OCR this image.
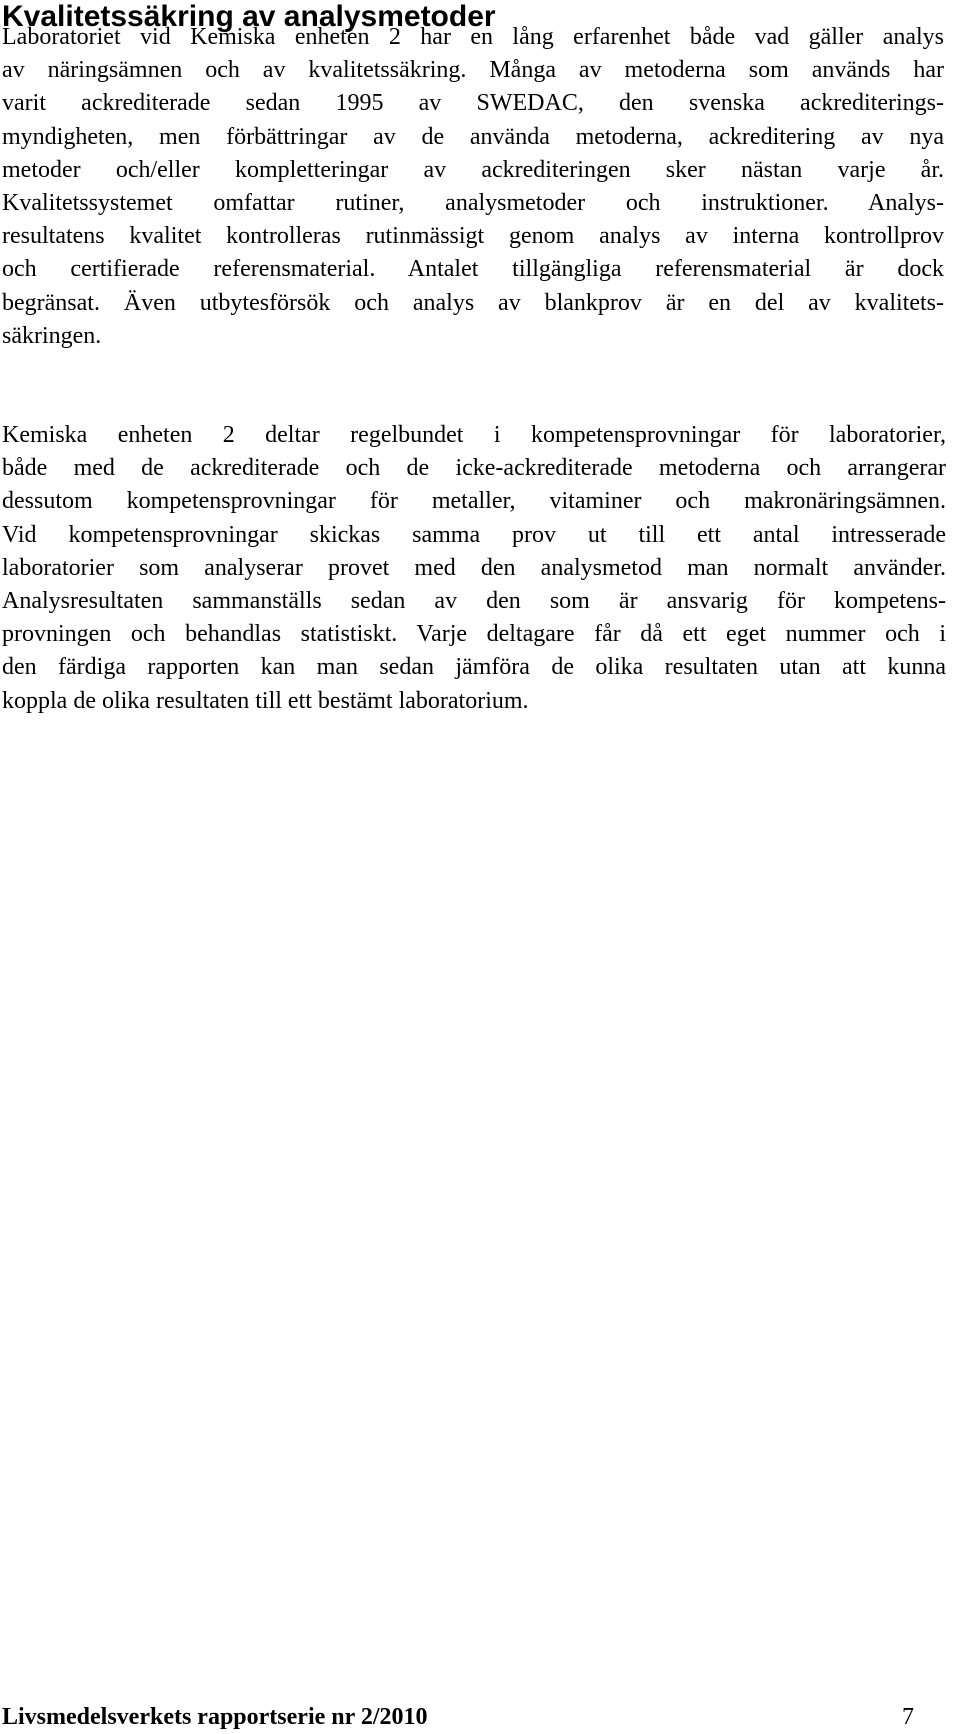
Kvalitetssäkring av analysmetoder

Laboratoriet vid Kemiska enheten 2 har en lång erfarenhet både vad gäller analys
av näringsämnen och av kvalitetssäkring. Många av metoderna som används har
varit ackrediterade sedan 1995 av SWEDAC, den svenska ackrediterings-
myndigheten, men förbättringar av de använda metoderna, ackreditering av nya
metoder och/eller kompletteringar av ackrediteringen sker nästan varje år.
Kvalitetssystemet omfattar rutiner, analysmetoder och instruktioner. Analys-
resultatens kvalitet kontrolleras rutinmässigt genom analys av interna kontrollprov
och certifierade referensmaterial. Antalet tillgängliga referensmaterial är dock
begränsat. Även utbytesförsök och analys av blankprov är en del av kvalitets-
säkringen.

Kemiska enheten 2 deltar regelbundet i kompetensprovningar för laboratorier,
både med de ackrediterade och de icke-ackrediterade metoderna och arrangerar
dessutom kompetensprovningar för metaller, vitaminer och makronäringsämnen.
Vid kompetensprovningar skickas samma prov ut till ett antal intresserade
laboratorier som analyserar provet med den analysmetod man normalt använder.
Analysresultaten sammanställs sedan av den som är ansvarig för kompetens-
provningen och behandlas statistiskt. Varje deltagare får då ett eget nummer och i
den färdiga rapporten kan man sedan jämföra de olika resultaten utan att kunna
koppla de olika resultaten till ett bestämt laboratorium.

Livsmedelsverkets rapportserie nr 2/2010	7
